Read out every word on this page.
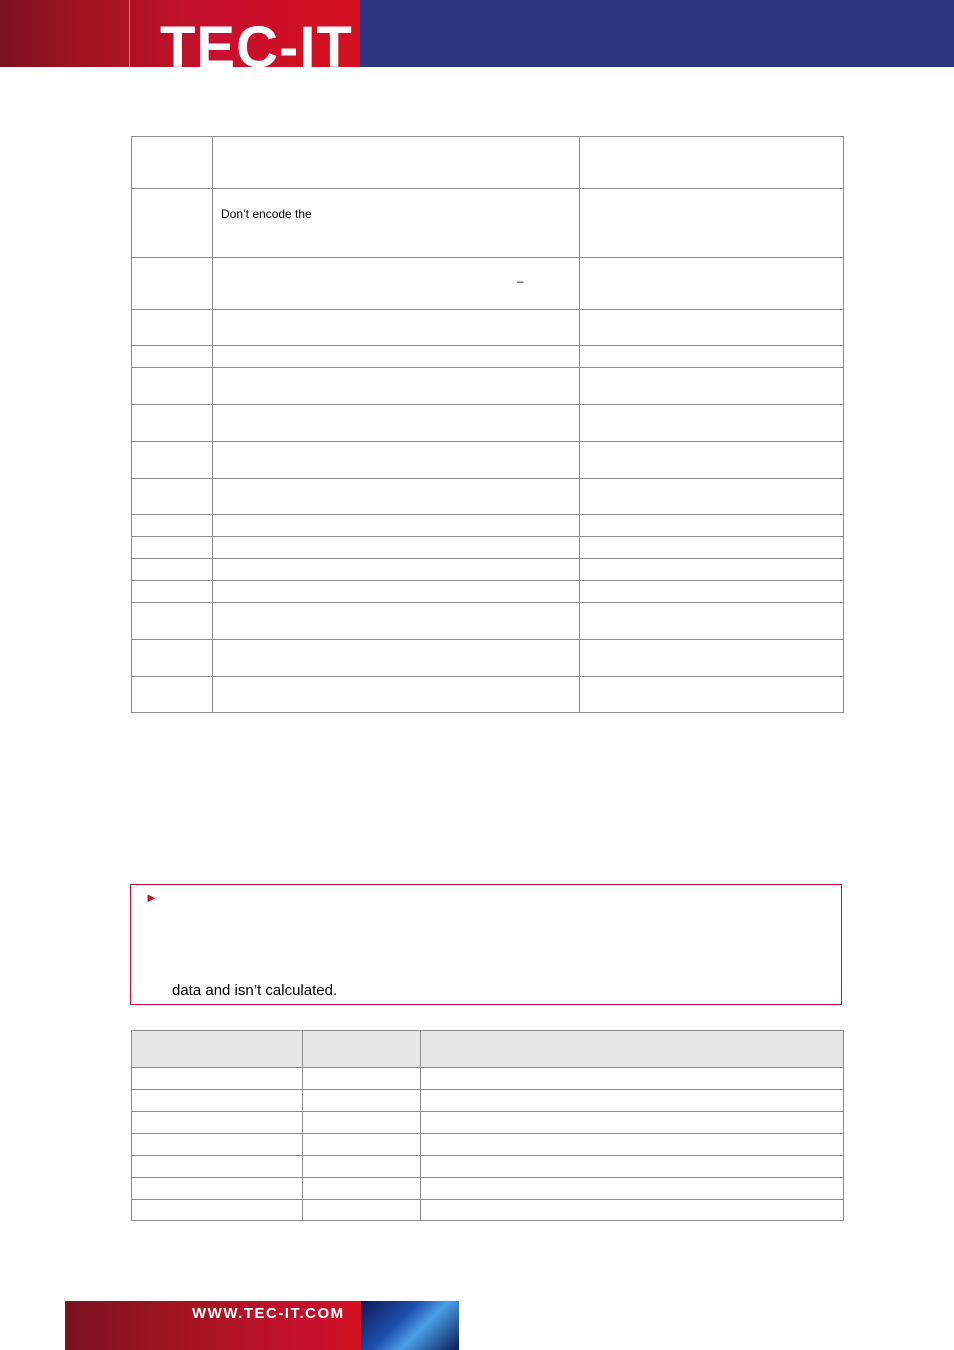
TEC-IT

	Don’t encode the	

	–	

►
data and isn’t calculated.

WWW.TEC-IT.COM
